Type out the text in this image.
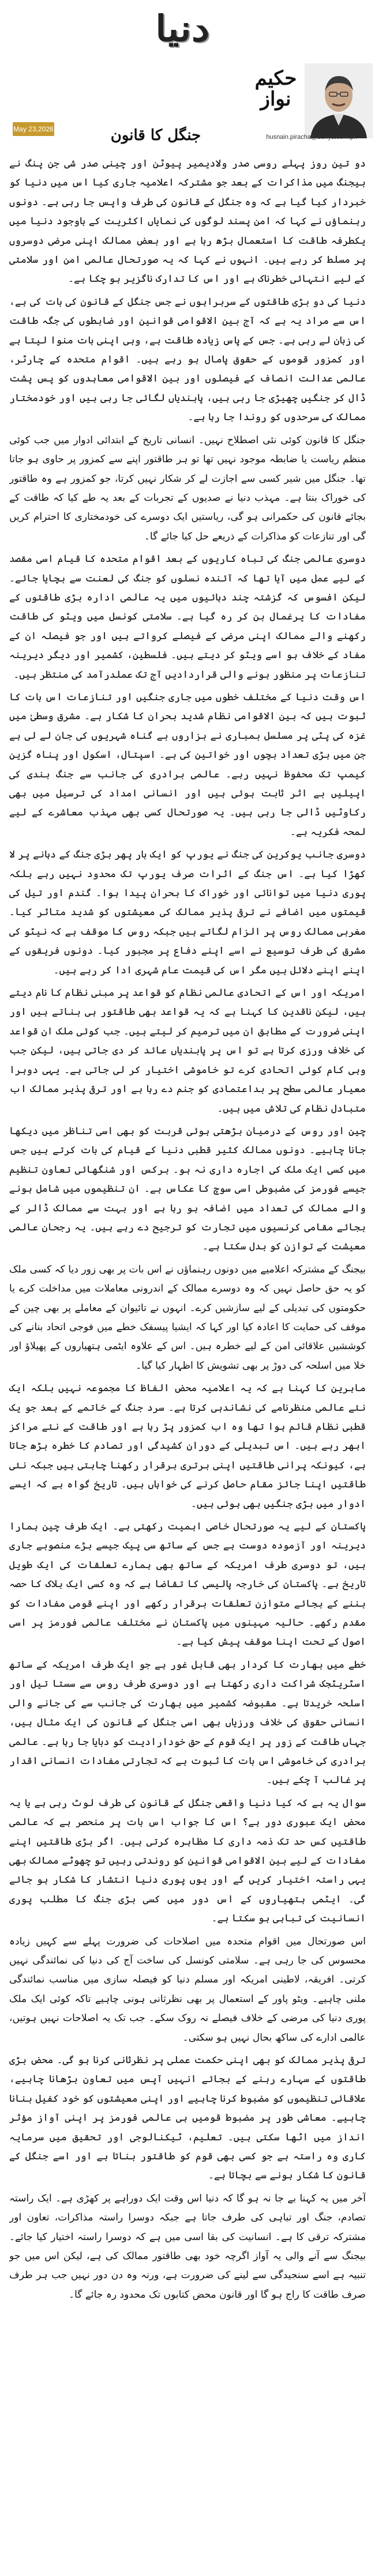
دنیا
حکیم
نواز
husnain.piracha@dunya.com.pk
May 23,2026	جنگل کا قانون

دو تین روز پہلے روسی صدر ولادیمیر پیوٹن اور چینی صدر شی جن پنگ نے بیجنگ میں مذاکرات کے بعد جو مشترکہ اعلامیہ جاری کیا اس میں دنیا کو خبردار کیا گیا ہے کہ وہ جنگل کے قانون کی طرف واپس جا رہی ہے۔ دونوں رہنماؤں نے کہا کہ امن پسند لوگوں کی نمایاں اکثریت کے باوجود دنیا میں یکطرفہ طاقت کا استعمال بڑھ رہا ہے اور بعض ممالک اپنی مرضی دوسروں پر مسلط کر رہے ہیں۔ انہوں نے کہا کہ یہ صورتحال عالمی امن اور سلامتی کے لیے انتہائی خطرناک ہے اور اس کا تدارک ناگزیر ہو چکا ہے۔

دنیا کی دو بڑی طاقتوں کے سربراہوں نے جس جنگل کے قانون کی بات کی ہے، اس سے مراد یہ ہے کہ آج بین الاقوامی قوانین اور ضابطوں کی جگہ طاقت کی زبان لے رہی ہے۔ جس کے پاس زیادہ طاقت ہے، وہی اپنی بات منوا لیتا ہے اور کمزور قوموں کے حقوق پامال ہو رہے ہیں۔ اقوام متحدہ کے چارٹر، عالمی عدالت انصاف کے فیصلوں اور بین الاقوامی معاہدوں کو پس پشت ڈال کر جنگیں چھیڑی جا رہی ہیں، پابندیاں لگائی جا رہی ہیں اور خودمختار ممالک کی سرحدوں کو روندا جا رہا ہے۔

جنگل کا قانون کوئی نئی اصطلاح نہیں۔ انسانی تاریخ کے ابتدائی ادوار میں جب کوئی منظم ریاست یا ضابطہ موجود نہیں تھا تو ہر طاقتور اپنے سے کمزور پر حاوی ہو جاتا تھا۔ جنگل میں شیر کسی سے اجازت لے کر شکار نہیں کرتا، جو کمزور ہے وہ طاقتور کی خوراک بنتا ہے۔ مہذب دنیا نے صدیوں کے تجربات کے بعد یہ طے کیا کہ طاقت کے بجائے قانون کی حکمرانی ہو گی، ریاستیں ایک دوسرے کی خودمختاری کا احترام کریں گی اور تنازعات کو مذاکرات کے ذریعے حل کیا جائے گا۔

دوسری عالمی جنگ کی تباہ کاریوں کے بعد اقوام متحدہ کا قیام اسی مقصد کے لیے عمل میں آیا تھا کہ آئندہ نسلوں کو جنگ کی لعنت سے بچایا جائے۔ لیکن افسوس کہ گزشتہ چند دہائیوں میں یہ عالمی ادارہ بڑی طاقتوں کے مفادات کا یرغمال بن کر رہ گیا ہے۔ سلامتی کونسل میں ویٹو کی طاقت رکھنے والے ممالک اپنی مرضی کے فیصلے کرواتے ہیں اور جو فیصلہ ان کے مفاد کے خلاف ہو اسے ویٹو کر دیتے ہیں۔ فلسطین، کشمیر اور دیگر دیرینہ تنازعات پر منظور ہونے والی قراردادیں آج تک عملدرآمد کی منتظر ہیں۔

اس وقت دنیا کے مختلف خطوں میں جاری جنگیں اور تنازعات اس بات کا ثبوت ہیں کہ بین الاقوامی نظام شدید بحران کا شکار ہے۔ مشرق وسطیٰ میں غزہ کی پٹی پر مسلسل بمباری نے ہزاروں بے گناہ شہریوں کی جان لے لی ہے جن میں بڑی تعداد بچوں اور خواتین کی ہے۔ اسپتال، اسکول اور پناہ گزین کیمپ تک محفوظ نہیں رہے۔ عالمی برادری کی جانب سے جنگ بندی کی اپیلیں بے اثر ثابت ہوئی ہیں اور انسانی امداد کی ترسیل میں بھی رکاوٹیں ڈالی جا رہی ہیں۔ یہ صورتحال کسی بھی مہذب معاشرے کے لیے لمحہ فکریہ ہے۔

دوسری جانب یوکرین کی جنگ نے یورپ کو ایک بار پھر بڑی جنگ کے دہانے پر لا کھڑا کیا ہے۔ اس جنگ کے اثرات صرف یورپ تک محدود نہیں رہے بلکہ پوری دنیا میں توانائی اور خوراک کا بحران پیدا ہوا۔ گندم اور تیل کی قیمتوں میں اضافے نے ترقی پذیر ممالک کی معیشتوں کو شدید متاثر کیا۔ مغربی ممالک روس پر الزام لگاتے ہیں جبکہ روس کا موقف ہے کہ نیٹو کی مشرق کی طرف توسیع نے اسے اپنے دفاع پر مجبور کیا۔ دونوں فریقوں کے اپنے اپنے دلائل ہیں مگر اس کی قیمت عام شہری ادا کر رہے ہیں۔

امریکہ اور اس کے اتحادی عالمی نظام کو قواعد پر مبنی نظام کا نام دیتے ہیں، لیکن ناقدین کا کہنا ہے کہ یہ قواعد بھی طاقتور ہی بناتے ہیں اور اپنی ضرورت کے مطابق ان میں ترمیم کر لیتے ہیں۔ جب کوئی ملک ان قواعد کی خلاف ورزی کرتا ہے تو اس پر پابندیاں عائد کر دی جاتی ہیں، لیکن جب وہی کام کوئی اتحادی کرے تو خاموشی اختیار کر لی جاتی ہے۔ یہی دوہرا معیار عالمی سطح پر بداعتمادی کو جنم دے رہا ہے اور ترقی پذیر ممالک اب متبادل نظام کی تلاش میں ہیں۔

چین اور روس کے درمیان بڑھتی ہوئی قربت کو بھی اسی تناظر میں دیکھا جانا چاہیے۔ دونوں ممالک کثیر قطبی دنیا کے قیام کی بات کرتے ہیں جس میں کسی ایک ملک کی اجارہ داری نہ ہو۔ برکس اور شنگھائی تعاون تنظیم جیسے فورمز کی مضبوطی اسی سوچ کا عکاس ہے۔ ان تنظیموں میں شامل ہونے والے ممالک کی تعداد میں اضافہ ہو رہا ہے اور بہت سے ممالک ڈالر کے بجائے مقامی کرنسیوں میں تجارت کو ترجیح دے رہے ہیں۔ یہ رجحان عالمی معیشت کے توازن کو بدل سکتا ہے۔

بیجنگ کے مشترکہ اعلامیے میں دونوں رہنماؤں نے اس بات پر بھی زور دیا کہ کسی ملک کو یہ حق حاصل نہیں کہ وہ دوسرے ممالک کے اندرونی معاملات میں مداخلت کرے یا حکومتوں کی تبدیلی کے لیے سازشیں کرے۔ انہوں نے تائیوان کے معاملے پر بھی چین کے موقف کی حمایت کا اعادہ کیا اور کہا کہ ایشیا پیسفک خطے میں فوجی اتحاد بنانے کی کوششیں علاقائی امن کے لیے خطرہ ہیں۔ اس کے علاوہ ایٹمی ہتھیاروں کے پھیلاؤ اور خلا میں اسلحہ کی دوڑ پر بھی تشویش کا اظہار کیا گیا۔

ماہرین کا کہنا ہے کہ یہ اعلامیہ محض الفاظ کا مجموعہ نہیں بلکہ ایک نئے عالمی منظرنامے کی نشاندہی کرتا ہے۔ سرد جنگ کے خاتمے کے بعد جو یک قطبی نظام قائم ہوا تھا وہ اب کمزور پڑ رہا ہے اور طاقت کے نئے مراکز ابھر رہے ہیں۔ اس تبدیلی کے دوران کشیدگی اور تصادم کا خطرہ بڑھ جاتا ہے، کیونکہ پرانی طاقتیں اپنی برتری برقرار رکھنا چاہتی ہیں جبکہ نئی طاقتیں اپنا جائز مقام حاصل کرنے کی خواہاں ہیں۔ تاریخ گواہ ہے کہ ایسے ادوار میں بڑی جنگیں بھی ہوئی ہیں۔

پاکستان کے لیے یہ صورتحال خاصی اہمیت رکھتی ہے۔ ایک طرف چین ہمارا دیرینہ اور آزمودہ دوست ہے جس کے ساتھ سی پیک جیسے بڑے منصوبے جاری ہیں، تو دوسری طرف امریکہ کے ساتھ بھی ہمارے تعلقات کی ایک طویل تاریخ ہے۔ پاکستان کی خارجہ پالیسی کا تقاضا ہے کہ وہ کسی ایک بلاک کا حصہ بننے کے بجائے متوازن تعلقات برقرار رکھے اور اپنے قومی مفادات کو مقدم رکھے۔ حالیہ مہینوں میں پاکستان نے مختلف عالمی فورمز پر اسی اصول کے تحت اپنا موقف پیش کیا ہے۔

خطے میں بھارت کا کردار بھی قابل غور ہے جو ایک طرف امریکہ کے ساتھ اسٹریٹجک شراکت داری رکھتا ہے اور دوسری طرف روس سے سستا تیل اور اسلحہ خریدتا ہے۔ مقبوضہ کشمیر میں بھارت کی جانب سے کی جانے والی انسانی حقوق کی خلاف ورزیاں بھی اسی جنگل کے قانون کی ایک مثال ہیں، جہاں طاقت کے زور پر ایک قوم کے حق خودارادیت کو دبایا جا رہا ہے۔ عالمی برادری کی خاموشی اس بات کا ثبوت ہے کہ تجارتی مفادات انسانی اقدار پر غالب آ چکے ہیں۔

سوال یہ ہے کہ کیا دنیا واقعی جنگل کے قانون کی طرف لوٹ رہی ہے یا یہ محض ایک عبوری دور ہے؟ اس کا جواب اس بات پر منحصر ہے کہ عالمی طاقتیں کس حد تک ذمہ داری کا مظاہرہ کرتی ہیں۔ اگر بڑی طاقتیں اپنے مفادات کے لیے بین الاقوامی قوانین کو روندتی رہیں تو چھوٹے ممالک بھی یہی راستہ اختیار کریں گے اور یوں پوری دنیا انتشار کا شکار ہو جائے گی۔ ایٹمی ہتھیاروں کے اس دور میں کسی بڑی جنگ کا مطلب پوری انسانیت کی تباہی ہو سکتا ہے۔

اس صورتحال میں اقوام متحدہ میں اصلاحات کی ضرورت پہلے سے کہیں زیادہ محسوس کی جا رہی ہے۔ سلامتی کونسل کی ساخت آج کی دنیا کی نمائندگی نہیں کرتی۔ افریقہ، لاطینی امریکہ اور مسلم دنیا کو فیصلہ سازی میں مناسب نمائندگی ملنی چاہیے۔ ویٹو پاور کے استعمال پر بھی نظرثانی ہونی چاہیے تاکہ کوئی ایک ملک پوری دنیا کی مرضی کے خلاف فیصلے نہ روک سکے۔ جب تک یہ اصلاحات نہیں ہوتیں، عالمی ادارے کی ساکھ بحال نہیں ہو سکتی۔

ترقی پذیر ممالک کو بھی اپنی حکمت عملی پر نظرثانی کرنا ہو گی۔ محض بڑی طاقتوں کے سہارے رہنے کے بجائے انہیں آپس میں تعاون بڑھانا چاہیے، علاقائی تنظیموں کو مضبوط کرنا چاہیے اور اپنی معیشتوں کو خود کفیل بنانا چاہیے۔ معاشی طور پر مضبوط قومیں ہی عالمی فورمز پر اپنی آواز مؤثر انداز میں اٹھا سکتی ہیں۔ تعلیم، ٹیکنالوجی اور تحقیق میں سرمایہ کاری وہ راستہ ہے جو کسی بھی قوم کو طاقتور بناتا ہے اور اسے جنگل کے قانون کا شکار ہونے سے بچاتا ہے۔

آخر میں یہ کہنا بے جا نہ ہو گا کہ دنیا اس وقت ایک دوراہے پر کھڑی ہے۔ ایک راستہ تصادم، جنگ اور تباہی کی طرف جاتا ہے جبکہ دوسرا راستہ مذاکرات، تعاون اور مشترکہ ترقی کا ہے۔ انسانیت کی بقا اسی میں ہے کہ دوسرا راستہ اختیار کیا جائے۔ بیجنگ سے آنے والی یہ آواز اگرچہ خود بھی طاقتور ممالک کی ہے، لیکن اس میں جو تنبیہ ہے اسے سنجیدگی سے لینے کی ضرورت ہے، ورنہ وہ دن دور نہیں جب ہر طرف صرف طاقت کا راج ہو گا اور قانون محض کتابوں تک محدود رہ جائے گا۔
